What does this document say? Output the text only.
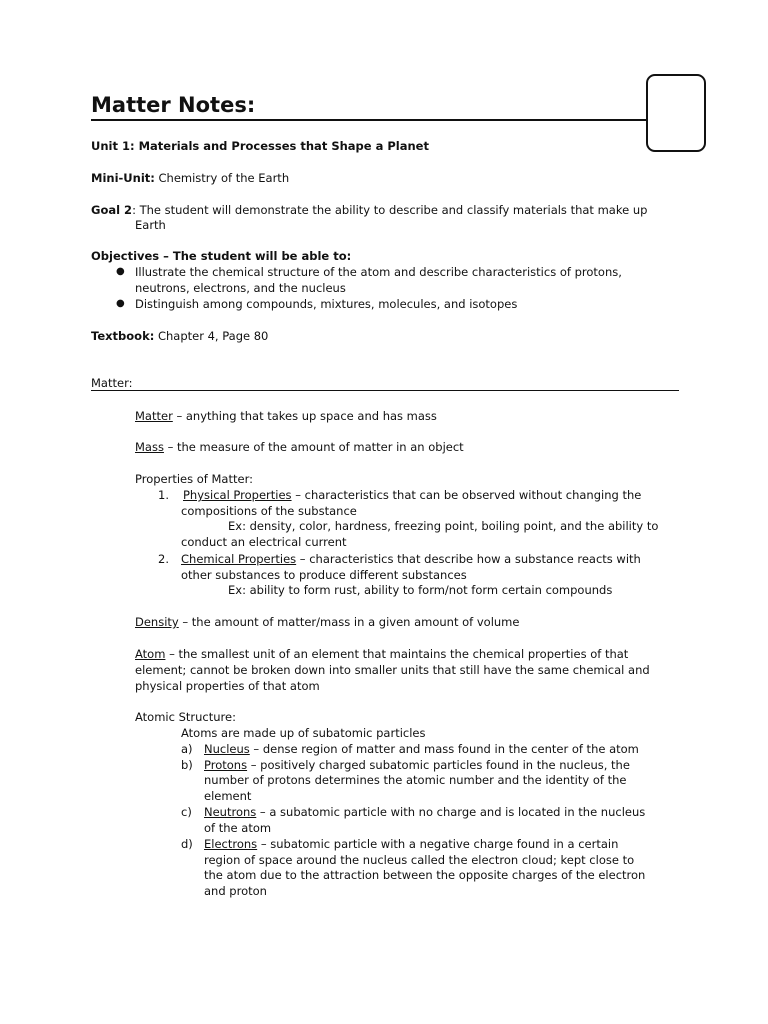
Matter Notes:
Unit 1: Materials and Processes that Shape a Planet
Mini-Unit: Chemistry of the Earth
Goal 2: The student will demonstrate the ability to describe and classify materials that make up
Earth
Objectives – The student will be able to:
● Illustrate the chemical structure of the atom and describe characteristics of protons,
neutrons, electrons, and the nucleus
● Distinguish among compounds, mixtures, molecules, and isotopes
Textbook: Chapter 4, Page 80
Matter:
Matter – anything that takes up space and has mass
Mass – the measure of the amount of matter in an object
Properties of Matter:
1. Physical Properties – characteristics that can be observed without changing the
compositions of the substance
Ex: density, color, hardness, freezing point, boiling point, and the ability to
conduct an electrical current
2. Chemical Properties – characteristics that describe how a substance reacts with
other substances to produce different substances
Ex: ability to form rust, ability to form/not form certain compounds
Density – the amount of matter/mass in a given amount of volume
Atom – the smallest unit of an element that maintains the chemical properties of that
element; cannot be broken down into smaller units that still have the same chemical and
physical properties of that atom
Atomic Structure:
Atoms are made up of subatomic particles
a) Nucleus – dense region of matter and mass found in the center of the atom
b) Protons – positively charged subatomic particles found in the nucleus, the
number of protons determines the atomic number and the identity of the
element
c) Neutrons – a subatomic particle with no charge and is located in the nucleus
of the atom
d) Electrons – subatomic particle with a negative charge found in a certain
region of space around the nucleus called the electron cloud; kept close to
the atom due to the attraction between the opposite charges of the electron
and proton
